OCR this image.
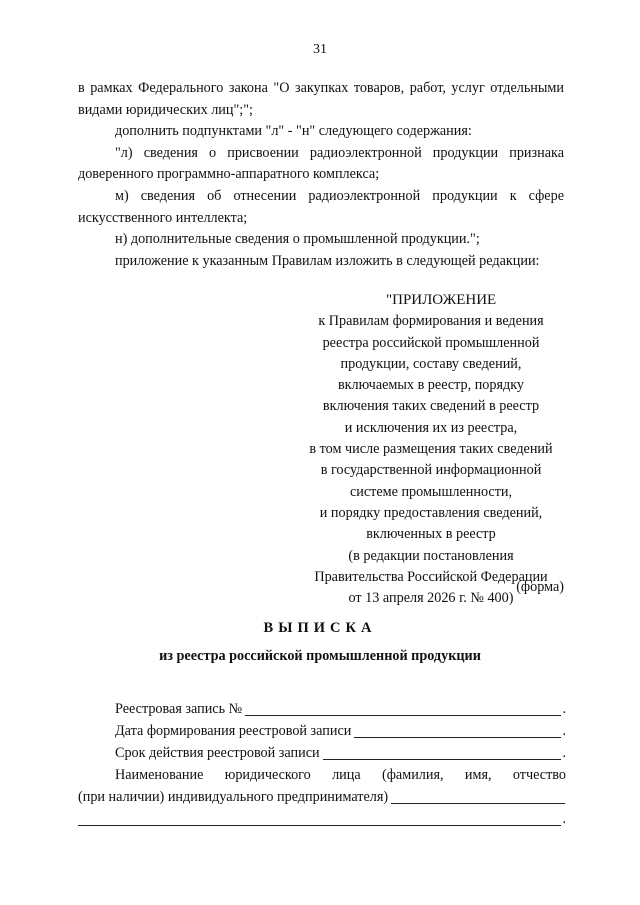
31

в рамках Федерального закона "О закупках товаров, работ, услуг отдельными видами юридических лиц";";

дополнить подпунктами "л" - "н" следующего содержания:

"л) сведения о присвоении радиоэлектронной продукции признака доверенного программно-аппаратного комплекса;

м) сведения об отнесении радиоэлектронной продукции к сфере искусственного интеллекта;

н) дополнительные сведения о промышленной продукции.";

приложение к указанным Правилам изложить в следующей редакции:

"ПРИЛОЖЕНИЕ
к Правилам формирования и ведения
реестра российской промышленной
продукции, составу сведений,
включаемых в реестр, порядку
включения таких сведений в реестр
и исключения их из реестра,
в том числе размещения таких сведений
в государственной информационной
системе промышленности,
и порядку предоставления сведений,
включенных в реестр
(в редакции постановления
Правительства Российской Федерации
от 13 апреля 2026 г. № 400)
(форма)
ВЫПИСКА
из реестра российской промышленной продукции
Реестровая запись №	.
Дата формирования реестровой записи	.
Срок действия реестровой записи	.
Наименование юридического лица (фамилия, имя, отчество
(при наличии) индивидуального предпринимателя)
.
